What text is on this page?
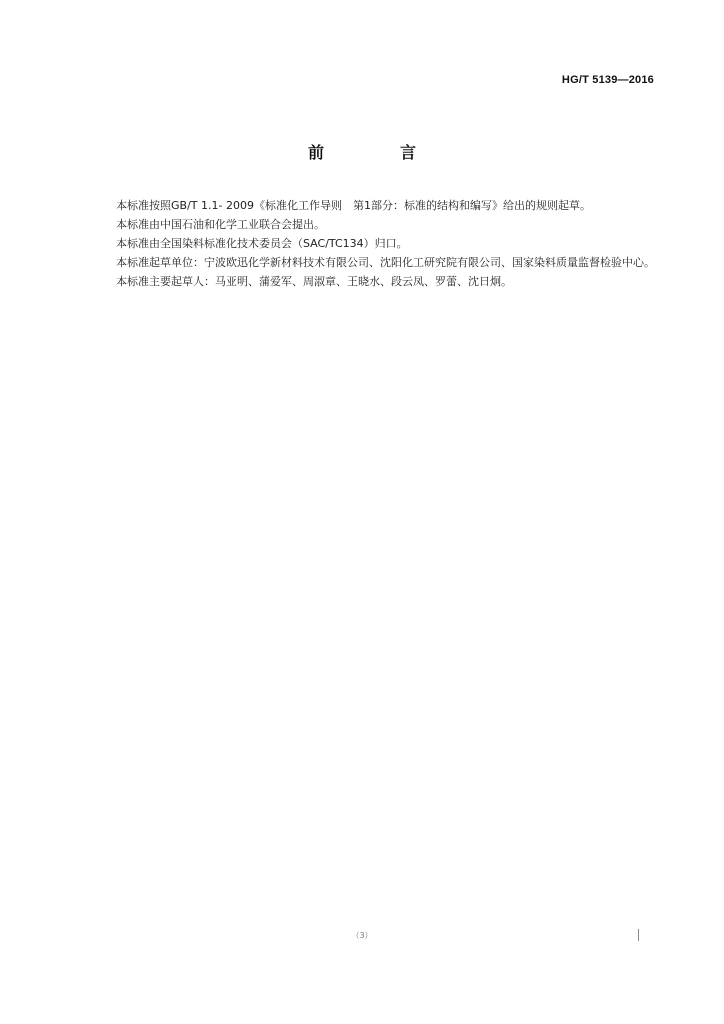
HG/T 5139—2016
前　言

本标准按照GB/T 1.1- 2009《标准化工作导则　第1部分：标准的结构和编写》给出的规则起草。

本标准由中国石油和化学工业联合会提出。

本标准由全国染料标准化技术委员会（SAC/TC134）归口。

本标准起草单位：宁波欧迅化学新材料技术有限公司、沈阳化工研究院有限公司、国家染料质量监督检验中心。

本标准主要起草人：马亚明、蒲爱军、周淑章、王晓水、段云凤、罗蕾、沈日炯。

（3）
